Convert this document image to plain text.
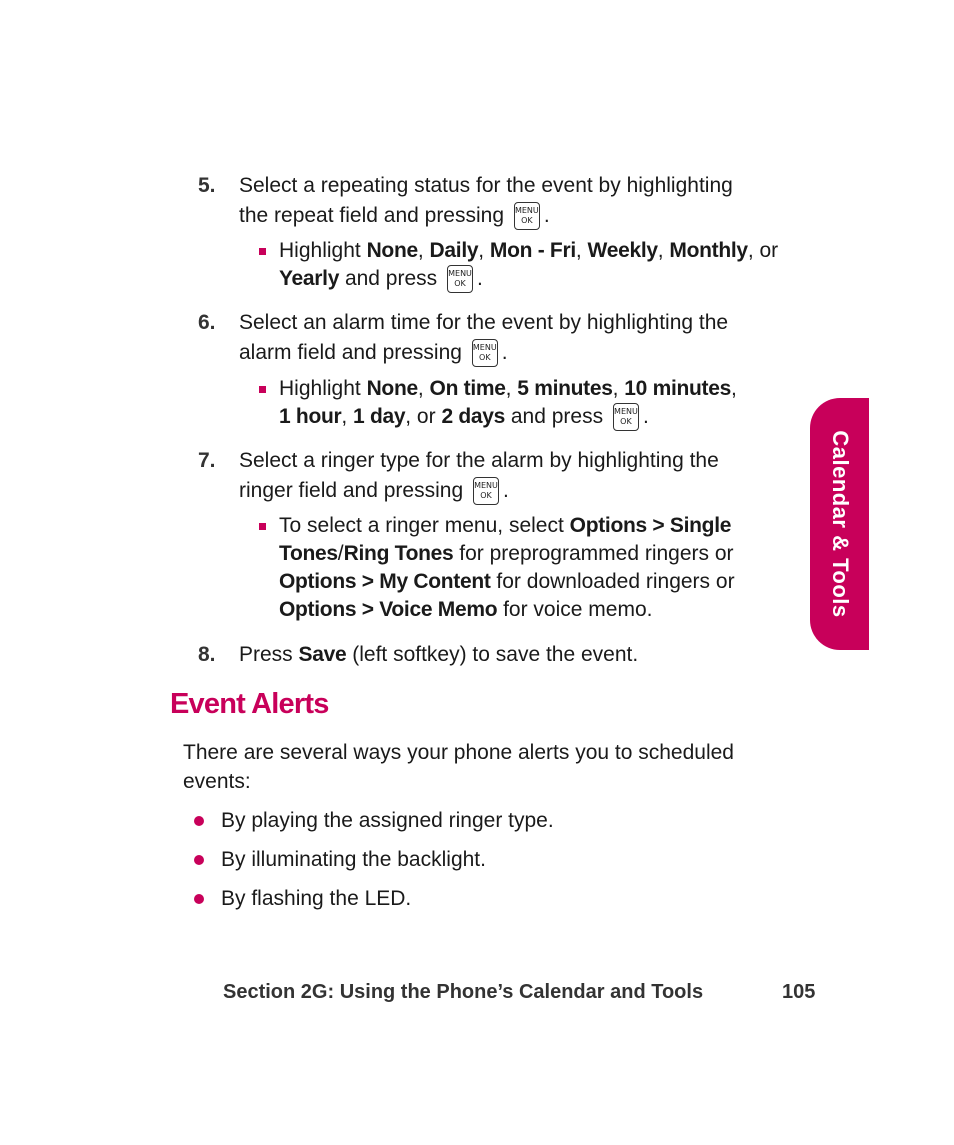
5. Select a repeating status for the event by highlighting
the repeat field and pressing MENU
OK .
Highlight None, Daily, Mon - Fri, Weekly, Monthly, or Yearly and press MENU
OK .
6. Select an alarm time for the event by highlighting the
alarm field and pressing MENU
OK .
Highlight None, On time, 5 minutes, 10 minutes,
1 hour, 1 day, or 2 days and press MENU
OK .
7. Select a ringer type for the alarm by highlighting the
ringer field and pressing MENU
OK .
To select a ringer menu, select Options > Single Tones/Ring Tones for preprogrammed ringers or
Options > My Content for downloaded ringers or
Options > Voice Memo for voice memo.
8. Press Save (left softkey) to save the event.
Event Alerts
There are several ways your phone alerts you to scheduled events:
By playing the assigned ringer type.
By illuminating the backlight.
By flashing the LED.
Calendar & Tools
Section 2G: Using the Phone’s Calendar and Tools	105
